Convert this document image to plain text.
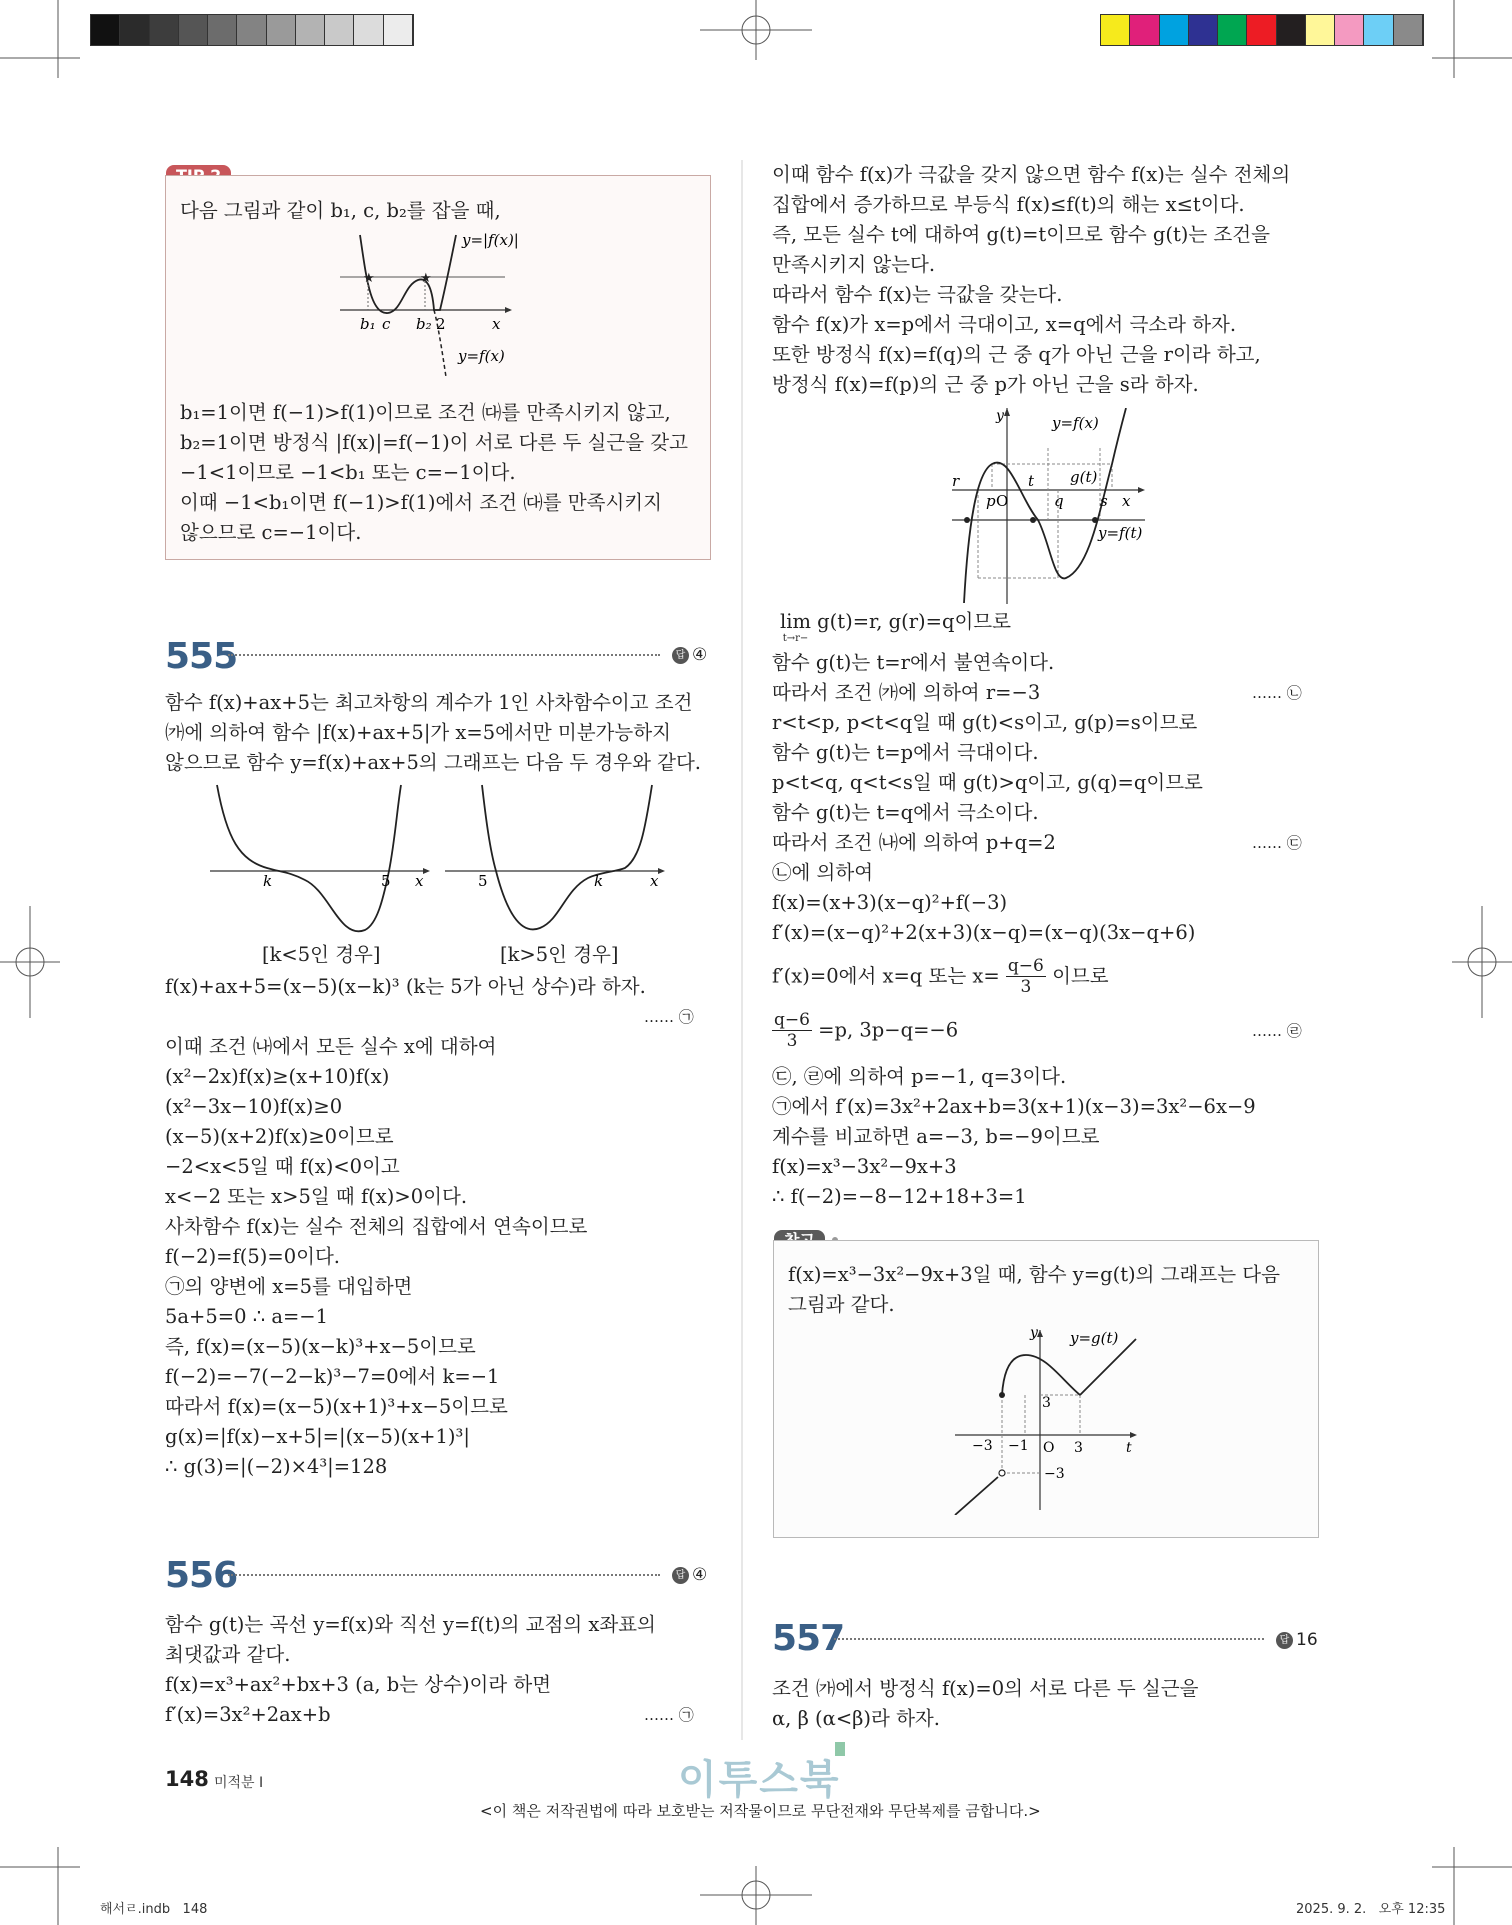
다음 그림과 같이 b₁, c, b₂를 잡을 때,
★	★
y=|f(x)|
b₁ c b₂ 2	x
y=f(x)
b₁=1이면 f(−1)>f(1)이므로 조건 ㈐를 만족시키지 않고,
b₂=1이면 방정식 |f(x)|=f(−1)이 서로 다른 두 실근을 갖고
−1<1이므로 −1<b₁ 또는 c=−1이다.
이때 −1<b₁이면 f(−1)>f(1)에서 조건 ㈐를 만족시키지
않으므로 c=−1이다.
555	답 ④
함수 f(x)+ax+5는 최고차항의 계수가 1인 사차함수이고 조건
㈎에 의하여 함수 |f(x)+ax+5|가 x=5에서만 미분가능하지
않으므로 함수 y=f(x)+ax+5의 그래프는 다음 두 경우와 같다.
k	5 x	5	k	x
[k<5인 경우]	[k>5인 경우]
f(x)+ax+5=(x−5)(x−k)³ (k는 5가 아닌 상수)라 하자.
…… ㉠
이때 조건 ㈏에서 모든 실수 x에 대하여
(x²−2x)f(x)≥(x+10)f(x)
(x²−3x−10)f(x)≥0
(x−5)(x+2)f(x)≥0이므로
−2<x<5일 때 f(x)<0이고
x<−2 또는 x>5일 때 f(x)>0이다.
사차함수 f(x)는 실수 전체의 집합에서 연속이므로
f(−2)=f(5)=0이다.
㉠의 양변에 x=5를 대입하면
5a+5=0 ∴ a=−1
즉, f(x)=(x−5)(x−k)³+x−5이므로
f(−2)=−7(−2−k)³−7=0에서 k=−1
따라서 f(x)=(x−5)(x+1)³+x−5이므로
g(x)=|f(x)−x+5|=|(x−5)(x+1)³|
∴ g(3)=|(−2)×4³|=128
556	답 ④
함수 g(t)는 곡선 y=f(x)와 직선 y=f(t)의 교점의 x좌표의
최댓값과 같다.
f(x)=x³+ax²+bx+3 (a, b는 상수)이라 하면
f′(x)=3x²+2ax+b	…… ㉠
이때 함수 f(x)가 극값을 갖지 않으면 함수 f(x)는 실수 전체의
집합에서 증가하므로 부등식 f(x)≤f(t)의 해는 x≤t이다.
즉, 모든 실수 t에 대하여 g(t)=t이므로 함수 g(t)는 조건을
만족시키지 않는다.
따라서 함수 f(x)는 극값을 갖는다.
함수 f(x)가 x=p에서 극대이고, x=q에서 극소라 하자.
또한 방정식 f(x)=f(q)의 근 중 q가 아닌 근을 r이라 하고,
방정식 f(x)=f(p)의 근 중 p가 아닌 근을 s라 하자.
y	y=f(x)
r
p O
t
q
g(t)
s x
y=f(t)
lim
t→r−
g(t)=r, g(r)=q이므로
함수 g(t)는 t=r에서 불연속이다.
따라서 조건 ㈎에 의하여 r=−3
r<t<p, p<t<q일 때 g(t)<s이고, g(p)=s이므로
함수 g(t)는 t=p에서 극대이다.
p<t<q, q<t<s일 때 g(t)>q이고, g(q)=q이므로
함수 g(t)는 t=q에서 극소이다.
따라서 조건 ㈏에 의하여 p+q=2
㉡에 의하여
f(x)=(x+3)(x−q)²+f(−3)
f′(x)=(x−q)²+2(x+3)(x−q)=(x−q)(3x−q+6)
…… ㉡
…… ㉢
f′(x)=0에서 x=q 또는 $x= \frac{q-6}{3}$ 이므로
$\frac{q-6}{3} =p$, 3p−q=−6	…… ㉣
㉢, ㉣에 의하여 p=−1, q=3이다.
㉠에서 f′(x)=3x²+2ax+b=3(x+1)(x−3)=3x²−6x−9
계수를 비교하면 a=−3, b=−9이므로
f(x)=x³−3x²−9x+3
∴ f(−2)=−8−12+18+3=1
f(x)=x³−3x²−9x+3일 때, 함수 y=g(t)의 그래프는 다음
그림과 같다.
y y=g(t)
3
−3 −1 O 3	t
−3
557	답 16
조건 ㈎에서 방정식 f(x)=0의 서로 다른 두 실근을
α, β (α<β)라 하자.
148 미적분 I	이투스북
<이 책은 저작권법에 따라 보호받는 저작물이므로 무단전재와 무단복제를 금합니다.>
해서ㄹ.indb   148	2025. 9. 2.   오후 12:35
